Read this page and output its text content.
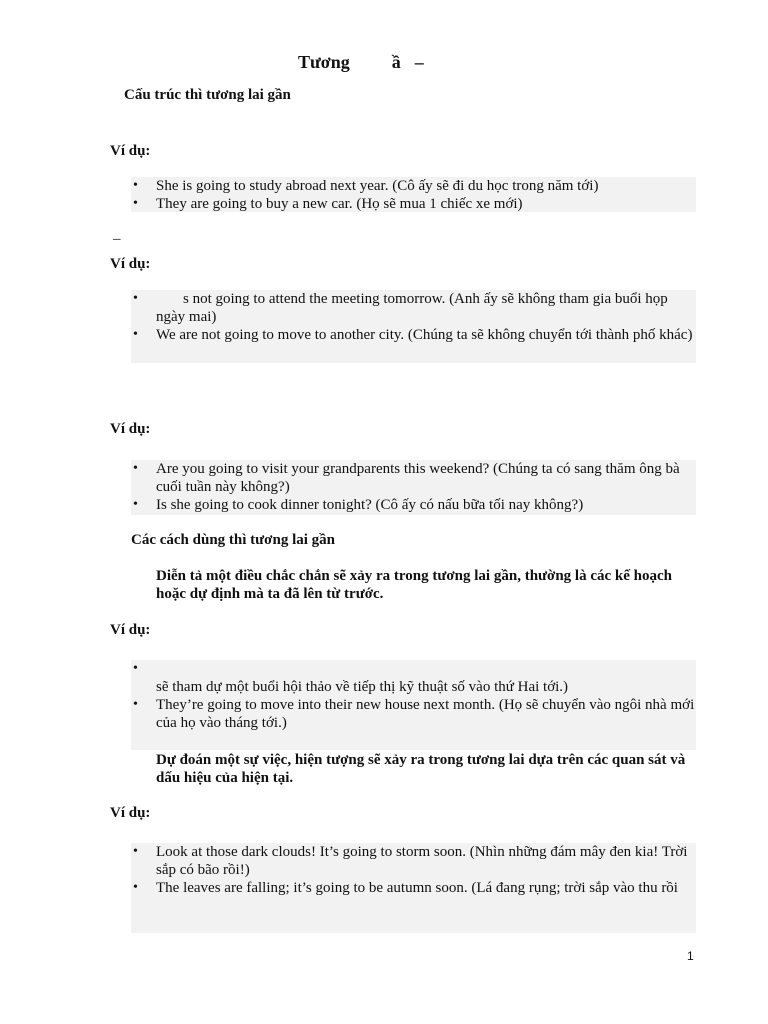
Tương ầ –
Cấu trúc thì tương lai gần
Ví dụ:
• She is going to study abroad next year. (Cô ấy sẽ đi du học trong năm tới)
• They are going to buy a new car. (Họ sẽ mua 1 chiếc xe mới)
–
Ví dụ:
• s not going to attend the meeting tomorrow. (Anh ấy sẽ không tham gia buổi họp ngày mai)
• We are not going to move to another city. (Chúng ta sẽ không chuyển tới thành phố khác)
Ví dụ:
• Are you going to visit your grandparents this weekend? (Chúng ta có sang thăm ông bà cuối tuần này không?)
• Is she going to cook dinner tonight? (Cô ấy có nấu bữa tối nay không?)
Các cách dùng thì tương lai gần
Diễn tả một điều chắc chắn sẽ xảy ra trong tương lai gần, thường là các kế hoạch hoặc dự định mà ta đã lên từ trước.
Ví dụ:
•
sẽ tham dự một buổi hội thảo về tiếp thị kỹ thuật số vào thứ Hai tới.)
• They’re going to move into their new house next month. (Họ sẽ chuyển vào ngôi nhà mới của họ vào tháng tới.)
Dự đoán một sự việc, hiện tượng sẽ xảy ra trong tương lai dựa trên các quan sát và dấu hiệu của hiện tại.
Ví dụ:
• Look at those dark clouds! It’s going to storm soon. (Nhìn những đám mây đen kia! Trời sắp có bão rồi!)
• The leaves are falling; it’s going to be autumn soon. (Lá đang rụng; trời sắp vào thu rồi
1
